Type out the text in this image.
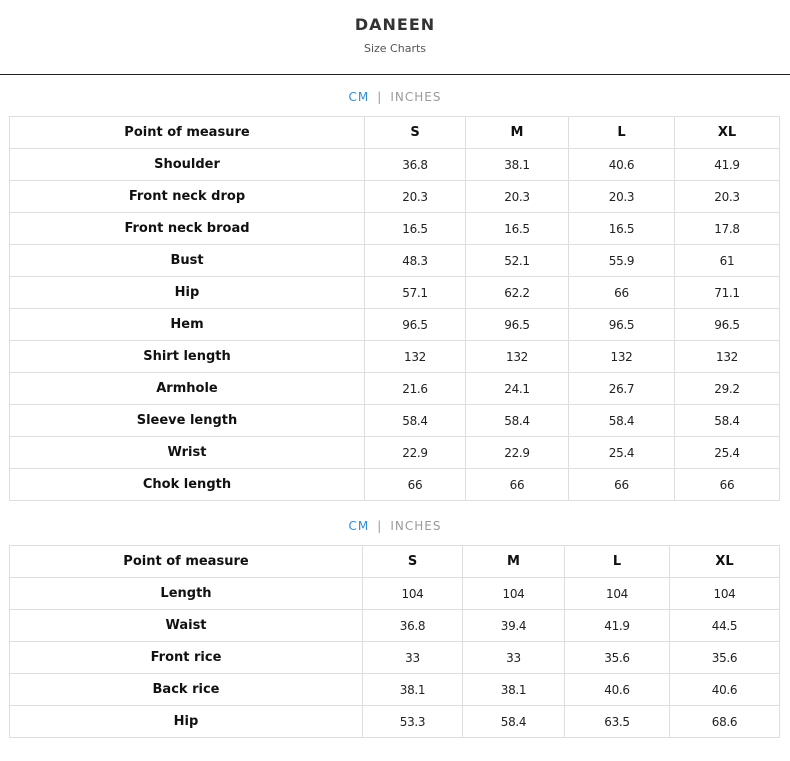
DANEEN
Size Charts
CM | INCHES
Point of measure	S	M	L	XL
Shoulder	36.8	38.1	40.6	41.9
Front neck drop	20.3	20.3	20.3	20.3
Front neck broad	16.5	16.5	16.5	17.8
Bust	48.3	52.1	55.9	61
Hip	57.1	62.2	66	71.1
Hem	96.5	96.5	96.5	96.5
Shirt length	132	132	132	132
Armhole	21.6	24.1	26.7	29.2
Sleeve length	58.4	58.4	58.4	58.4
Wrist	22.9	22.9	25.4	25.4
Chok length	66	66	66	66
CM | INCHES
Point of measure	S	M	L	XL
Length	104	104	104	104
Waist	36.8	39.4	41.9	44.5
Front rice	33	33	35.6	35.6
Back rice	38.1	38.1	40.6	40.6
Hip	53.3	58.4	63.5	68.6
